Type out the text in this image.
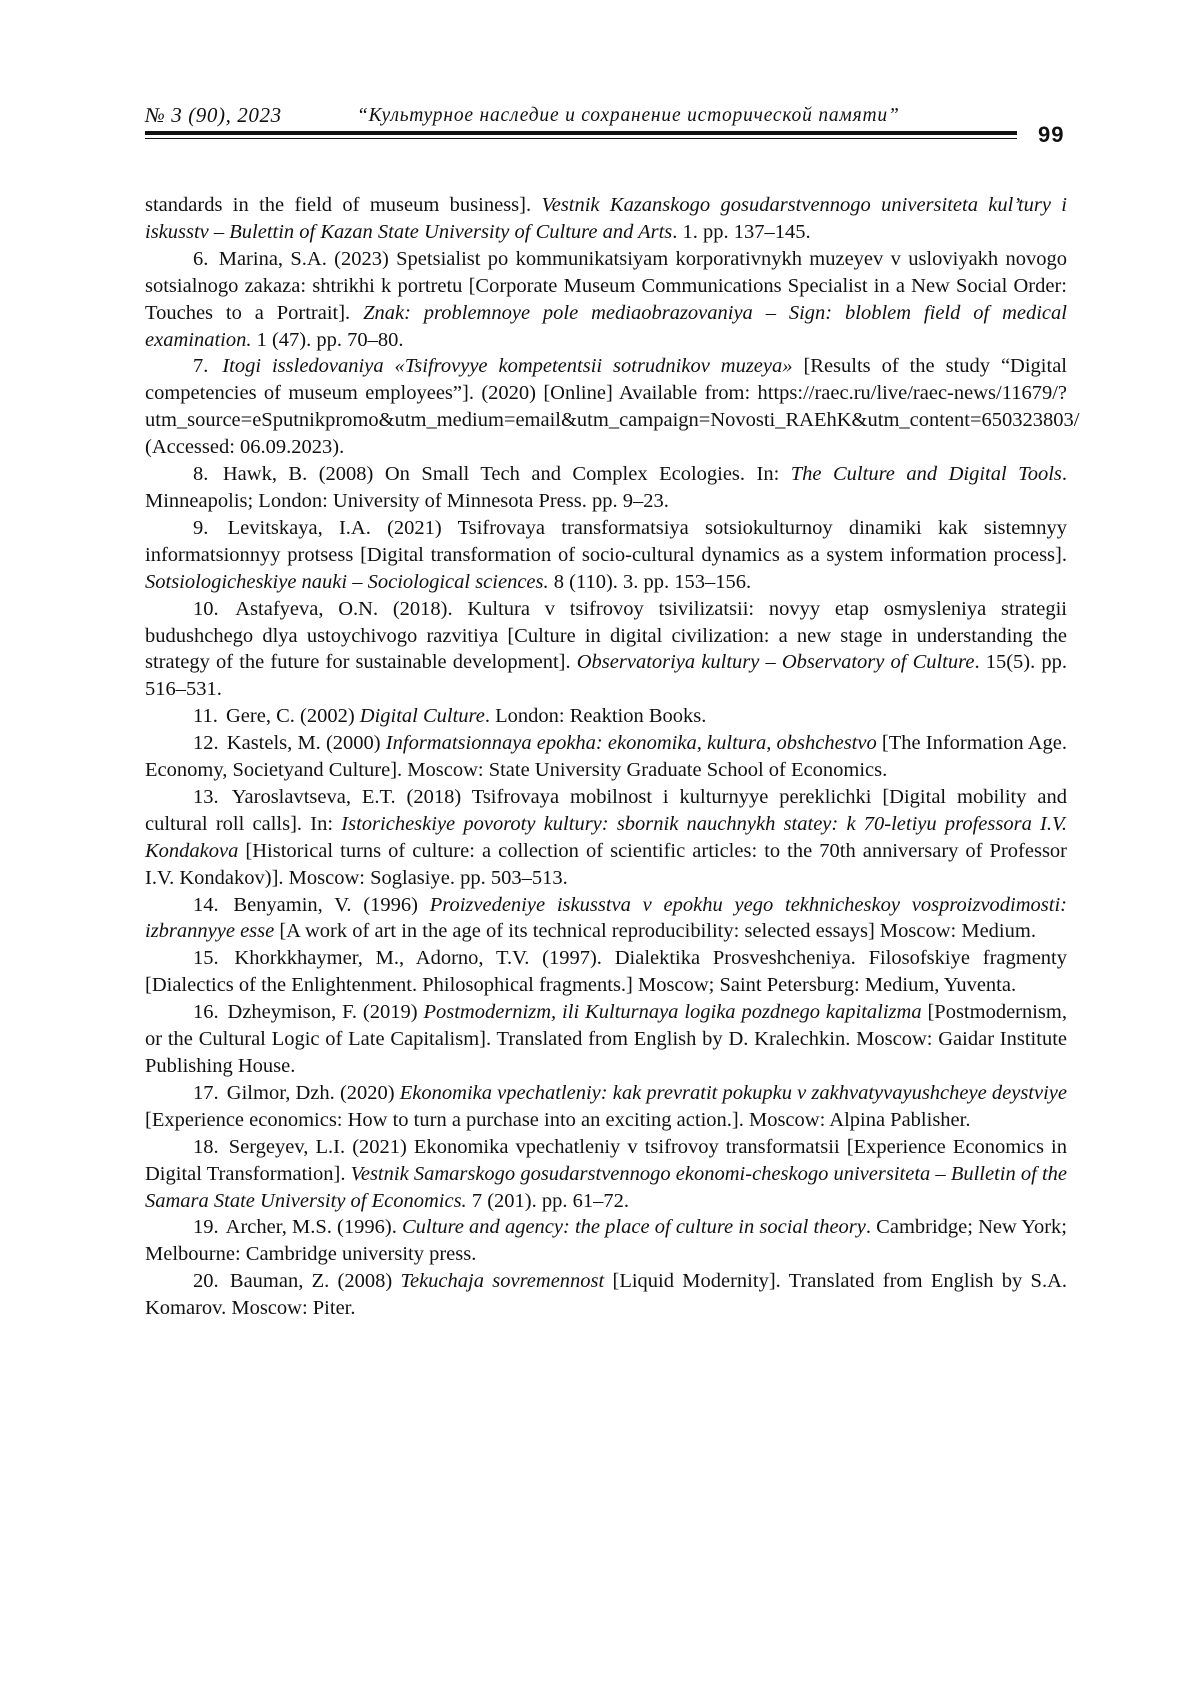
№ 3 (90), 2023	“Культурное наследие и сохранение исторической памяти”
99

standards in the field of museum business]. Vestnik Kazanskogo gosudarstvennogo universiteta kul’tury i iskusstv – Bulettin of Kazan State University of Culture and Arts. 1. pp. 137–145.

6. Marina, S.A. (2023) Spetsialist po kommunikatsiyam korporativnykh muzeyev v usloviyakh novogo sotsialnogo zakaza: shtrikhi k portretu [Corporate Museum Communications Specialist in a New Social Order: Touches to a Portrait]. Znak: problemnoye pole mediaobrazovaniya – Sign: bloblem field of medical examination. 1 (47). pp. 70–80.

7. Itogi issledovaniya «Tsifrovyye kompetentsii sotrudnikov muzeya» [Results of the study “Digital competencies of museum employees”]. (2020) [Online] Available from: https://raec.ru/live/raec-news/11679/?utm_source=eSputnikpromo&utm_medium=email&utm_campaign=Novosti_RAEhK&utm_content=650323803/ (Accessed: 06.09.2023).

8. Hawk, B. (2008) On Small Tech and Complex Ecologies. In: The Culture and Digital Tools. Minneapolis; London: University of Minnesota Press. pp. 9–23.

9. Levitskaya, I.A. (2021) Tsifrovaya transformatsiya sotsiokulturnoy dinamiki kak sistemnyy informatsionnyy protsess [Digital transformation of socio-cultural dynamics as a system information process]. Sotsiologicheskiye nauki – Sociological sciences. 8 (110). 3. pp. 153–156.

10. Astafyeva, O.N. (2018). Kultura v tsifrovoy tsivilizatsii: novyy etap osmysleniya strategii budushchego dlya ustoychivogo razvitiya [Culture in digital civilization: a new stage in understanding the strategy of the future for sustainable development]. Observatoriya kultury – Observatory of Culture. 15(5). pp. 516–531.

11. Gere, C. (2002) Digital Culture. London: Reaktion Books.

12. Kastels, M. (2000) Informatsionnaya epokha: ekonomika, kultura, obshchestvo [The Information Age. Economy, Societyand Culture]. Moscow: State University Graduate School of Economics.

13. Yaroslavtseva, E.T. (2018) Tsifrovaya mobilnost i kulturnyye pereklichki [Digital mobility and cultural roll calls]. In: Istoricheskiye povoroty kultury: sbornik nauchnykh statey: k 70-letiyu professora I.V. Kondakova [Historical turns of culture: a collection of scientific articles: to the 70th anniversary of Professor I.V. Kondakov)]. Moscow: Soglasiye. pp. 503–513.

14. Benyamin, V. (1996) Proizvedeniye iskusstva v epokhu yego tekhnicheskoy vosproizvodimosti: izbrannyye esse [A work of art in the age of its technical reproducibility: selected essays] Moscow: Medium.

15. Khorkkhaymer, M., Adorno, T.V. (1997). Dialektika Prosveshcheniya. Filosofskiye fragmenty [Dialectics of the Enlightenment. Philosophical fragments.] Moscow; Saint Petersburg: Medium, Yuventa.

16. Dzheymison, F. (2019) Postmodernizm, ili Kulturnaya logika pozdnego kapitalizma [Postmodernism, or the Cultural Logic of Late Capitalism]. Translated from English by D. Kralechkin. Moscow: Gaidar Institute Publishing House.

17. Gilmor, Dzh. (2020) Ekonomika vpechatleniy: kak prevratit pokupku v zakhvatyvayushcheye deystviye [Experience economics: How to turn a purchase into an exciting action.]. Moscow: Alpina Pablisher.

18. Sergeyev, L.I. (2021) Ekonomika vpechatleniy v tsifrovoy transformatsii [Experience Economics in Digital Transformation]. Vestnik Samarskogo gosudarstvennogo ekonomi-cheskogo universiteta – Bulletin of the Samara State University of Economics. 7 (201). pp. 61–72.

19. Archer, M.S. (1996). Culture and agency: the place of culture in social theory. Cambridge; New York; Melbourne: Cambridge university press.

20. Bauman, Z. (2008) Tekuchaja sovremennost [Liquid Modernity]. Translated from English by S.A. Komarov. Moscow: Piter.
